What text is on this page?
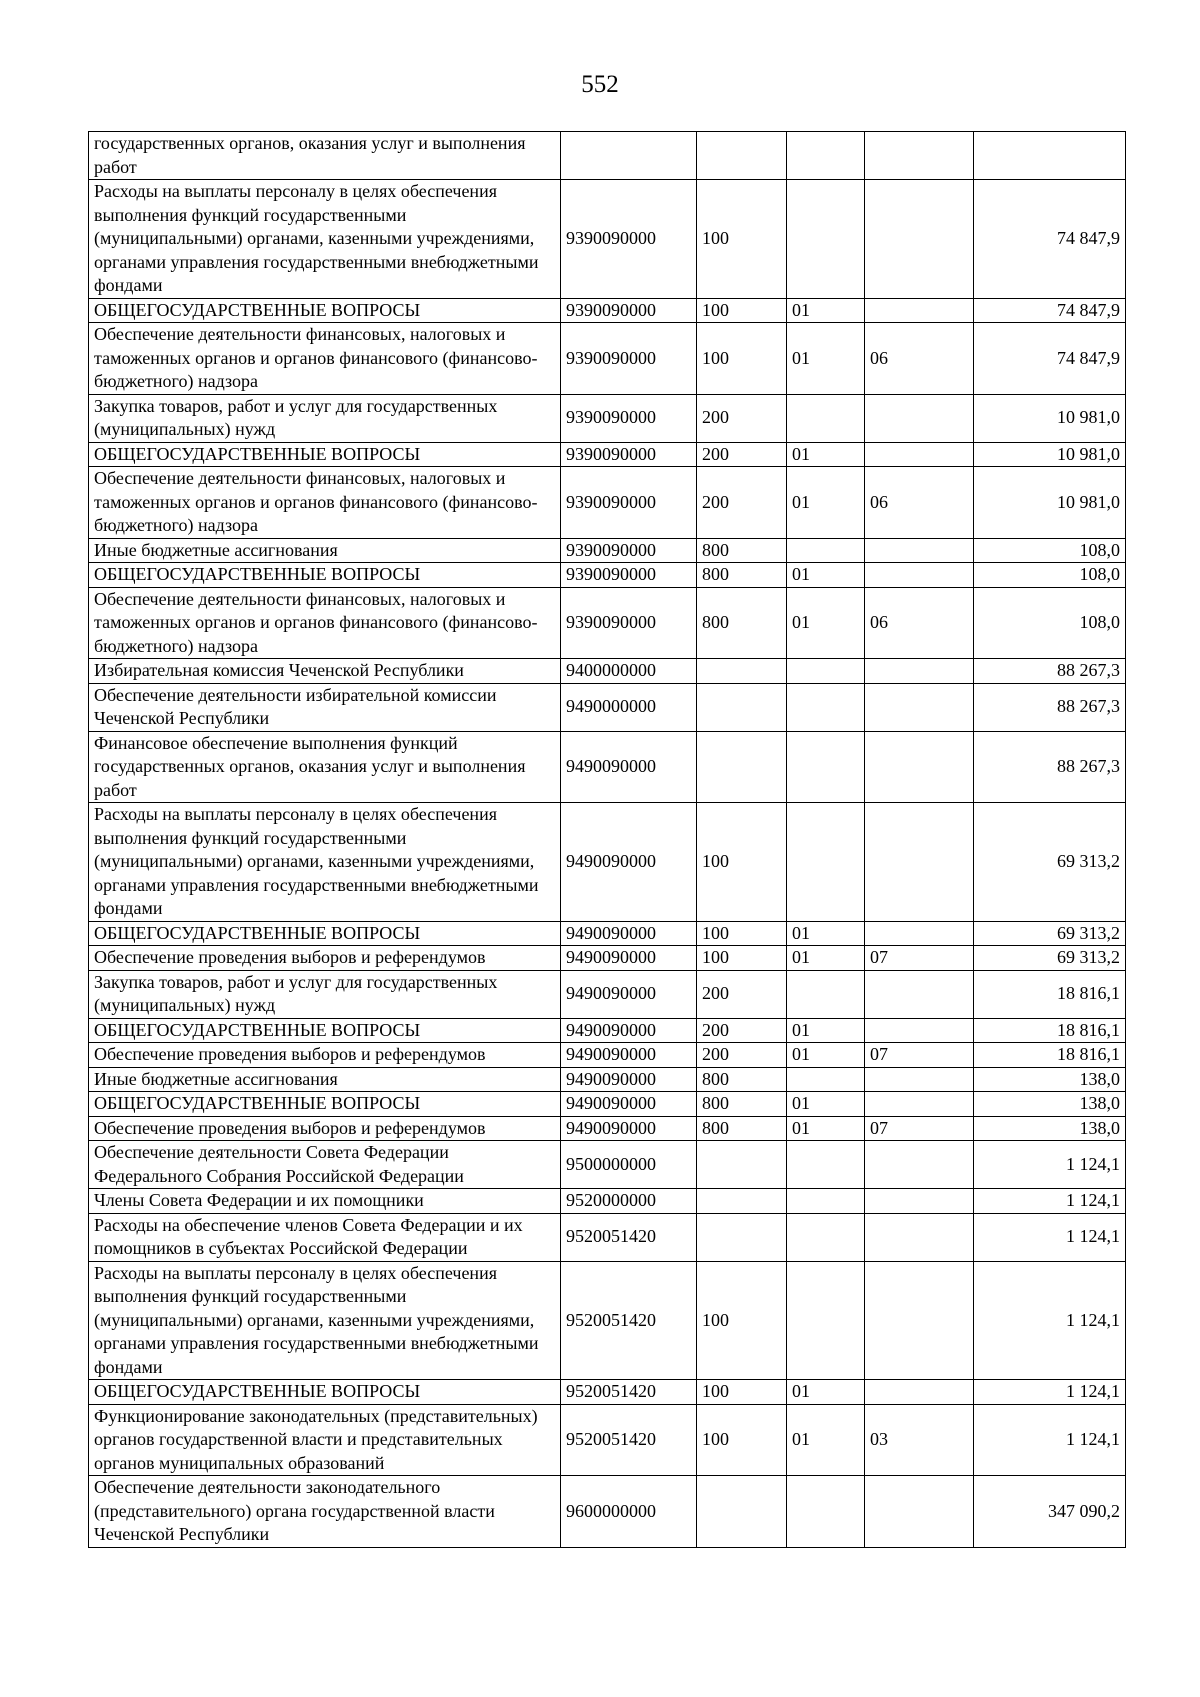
552
государственных органов, оказания услуг и выполнения работ					
Расходы на выплаты персоналу в целях обеспечения выполнения функций государственными (муниципальными) органами, казенными учреждениями, органами управления государственными внебюджетными фондами	9390090000	100			74 847,9
ОБЩЕГОСУДАРСТВЕННЫЕ ВОПРОСЫ	9390090000	100	01		74 847,9
Обеспечение деятельности финансовых, налоговых и таможенных органов и органов финансового (финансово-бюджетного) надзора	9390090000	100	01	06	74 847,9
Закупка товаров, работ и услуг для государственных (муниципальных) нужд	9390090000	200			10 981,0
ОБЩЕГОСУДАРСТВЕННЫЕ ВОПРОСЫ	9390090000	200	01		10 981,0
Обеспечение деятельности финансовых, налоговых и таможенных органов и органов финансового (финансово-бюджетного) надзора	9390090000	200	01	06	10 981,0
Иные бюджетные ассигнования	9390090000	800			108,0
ОБЩЕГОСУДАРСТВЕННЫЕ ВОПРОСЫ	9390090000	800	01		108,0
Обеспечение деятельности финансовых, налоговых и таможенных органов и органов финансового (финансово-бюджетного) надзора	9390090000	800	01	06	108,0
Избирательная комиссия Чеченской Республики	9400000000				88 267,3
Обеспечение деятельности избирательной комиссии Чеченской Республики	9490000000				88 267,3
Финансовое обеспечение выполнения функций государственных органов, оказания услуг и выполнения работ	9490090000				88 267,3
Расходы на выплаты персоналу в целях обеспечения выполнения функций государственными (муниципальными) органами, казенными учреждениями, органами управления государственными внебюджетными фондами	9490090000	100			69 313,2
ОБЩЕГОСУДАРСТВЕННЫЕ ВОПРОСЫ	9490090000	100	01		69 313,2
Обеспечение проведения выборов и референдумов	9490090000	100	01	07	69 313,2
Закупка товаров, работ и услуг для государственных (муниципальных) нужд	9490090000	200			18 816,1
ОБЩЕГОСУДАРСТВЕННЫЕ ВОПРОСЫ	9490090000	200	01		18 816,1
Обеспечение проведения выборов и референдумов	9490090000	200	01	07	18 816,1
Иные бюджетные ассигнования	9490090000	800			138,0
ОБЩЕГОСУДАРСТВЕННЫЕ ВОПРОСЫ	9490090000	800	01		138,0
Обеспечение проведения выборов и референдумов	9490090000	800	01	07	138,0
Обеспечение деятельности Совета Федерации Федерального Собрания Российской Федерации	9500000000				1 124,1
Члены Совета Федерации и их помощники	9520000000				1 124,1
Расходы на обеспечение членов Совета Федерации и их помощников в субъектах Российской Федерации	9520051420				1 124,1
Расходы на выплаты персоналу в целях обеспечения выполнения функций государственными (муниципальными) органами, казенными учреждениями, органами управления государственными внебюджетными фондами	9520051420	100			1 124,1
ОБЩЕГОСУДАРСТВЕННЫЕ ВОПРОСЫ	9520051420	100	01		1 124,1
Функционирование законодательных (представительных) органов государственной власти и представительных органов муниципальных образований	9520051420	100	01	03	1 124,1
Обеспечение деятельности законодательного (представительного) органа государственной власти Чеченской Республики	9600000000				347 090,2
